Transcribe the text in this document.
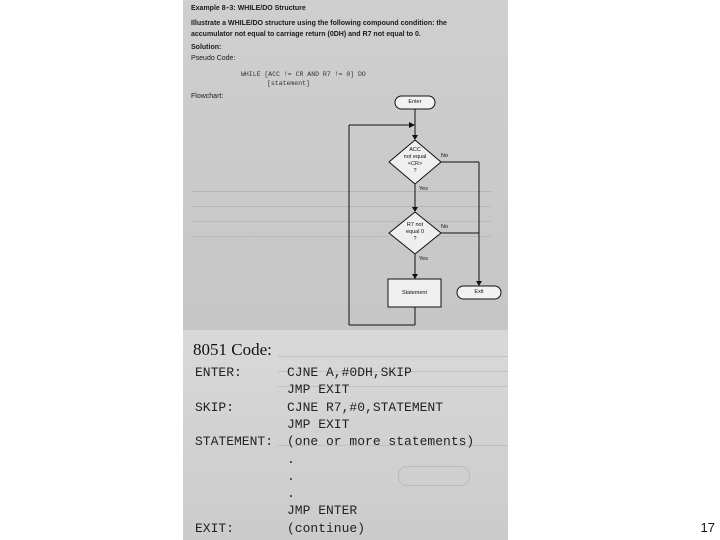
Example 8–3: WHILE/DO Structure
Illustrate a WHILE/DO structure using the following compound condition: the
accumulator not equal to carriage return (0DH) and R7 not equal to 0.
Solution:
Pseudo Code:
WHILE [ACC != CR AND R7 != 0] DO
[statement]
Flowchart:
Enter
ACC
not equal
<CR>
?
No
Yes
R7 not
equal 0
?
No
Yes
Statement	Exit
8051 Code:
ENTER:	CJNE A,#0DH,SKIP
JMP EXIT
SKIP:	CJNE R7,#0,STATEMENT
JMP EXIT
STATEMENT: (one or more statements)
.
.
.
JMP ENTER
EXIT:	(continue)	17
